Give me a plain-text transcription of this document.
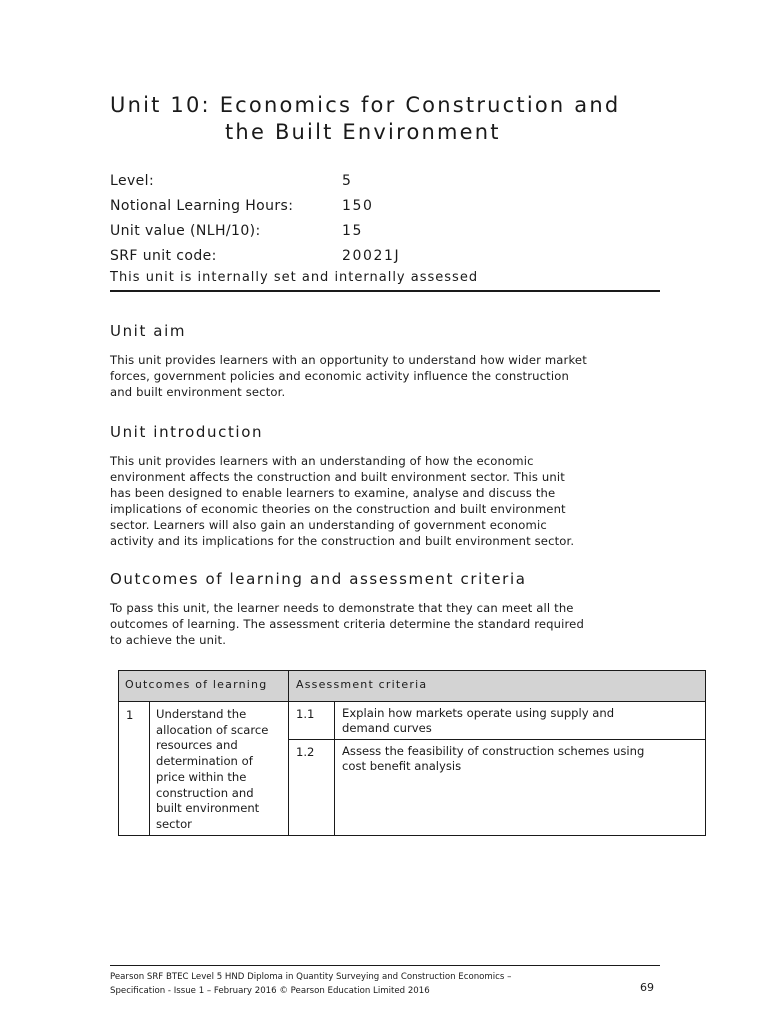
Unit 10: Economics for Construction and
the Built Environment
Level:	5
Notional Learning Hours:	150
Unit value (NLH/10):	15
SRF unit code:	20021J
This unit is internally set and internally assessed
Unit aim
This unit provides learners with an opportunity to understand how wider market
forces, government policies and economic activity influence the construction
and built environment sector.
Unit introduction
This unit provides learners with an understanding of how the economic
environment affects the construction and built environment sector. This unit
has been designed to enable learners to examine, analyse and discuss the
implications of economic theories on the construction and built environment
sector. Learners will also gain an understanding of government economic
activity and its implications for the construction and built environment sector.
Outcomes of learning and assessment criteria
To pass this unit, the learner needs to demonstrate that they can meet all the
outcomes of learning. The assessment criteria determine the standard required
to achieve the unit.
Outcomes of learning	Assessment criteria
1	Understand the
allocation of scarce
resources and
determination of
price within the
construction and
built environment
sector
1.1	Explain how markets operate using supply and
demand curves
1.2	Assess the feasibility of construction schemes using
cost benefit analysis
Pearson SRF BTEC Level 5 HND Diploma in Quantity Surveying and Construction Economics –
Specification - Issue 1 – February 2016 © Pearson Education Limited 2016	69
